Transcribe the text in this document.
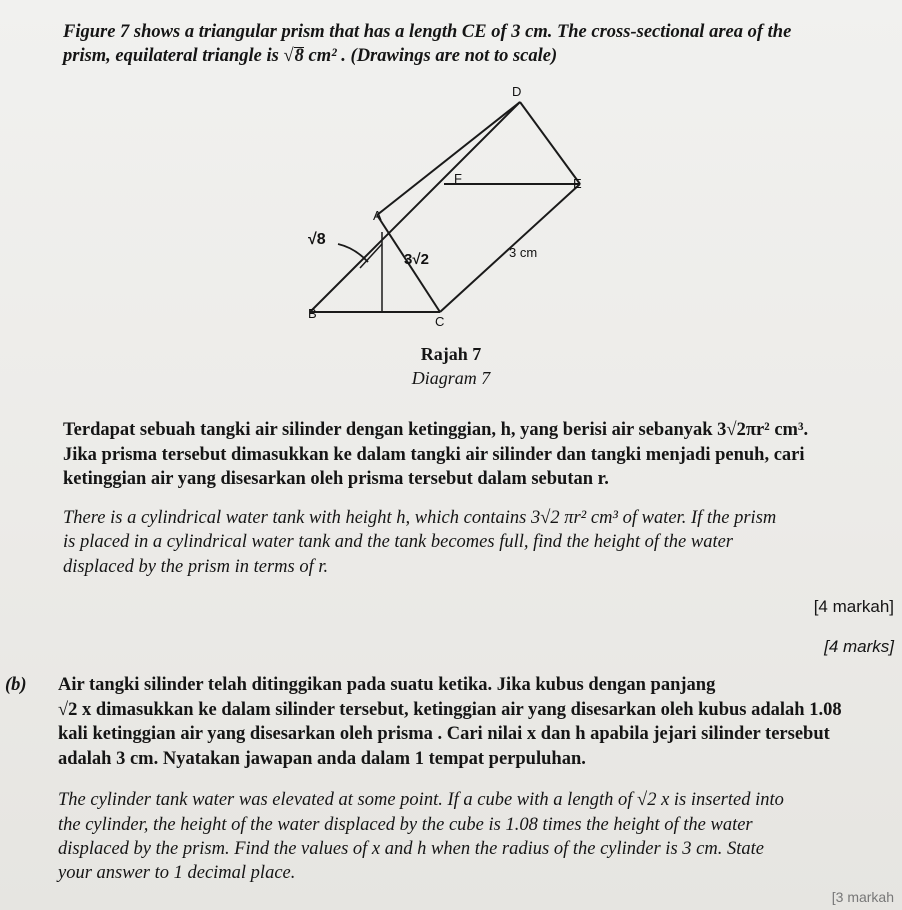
Figure 7 shows a triangular prism that has a length CE of 3 cm. The cross-sectional area of the
prism, equilateral triangle is √8 cm² . (Drawings are not to scale)
D
E
F
A
B
C
√8
3√2	3 cm
Rajah 7
Diagram 7
Terdapat sebuah tangki air silinder dengan ketinggian, h, yang berisi air sebanyak 3√2πr² cm³.
Jika prisma tersebut dimasukkan ke dalam tangki air silinder dan tangki menjadi penuh, cari
ketinggian air yang disesarkan oleh prisma tersebut dalam sebutan r.
There is a cylindrical water tank with height h, which contains 3√2 πr² cm³ of water. If the prism
is placed in a cylindrical water tank and the tank becomes full, find the height of the water
displaced by the prism in terms of r.
[4 markah]
[4 marks]
(b) Air tangki silinder telah ditinggikan pada suatu ketika. Jika kubus dengan panjang
√2 x dimasukkan ke dalam silinder tersebut, ketinggian air yang disesarkan oleh kubus adalah 1.08
kali ketinggian air yang disesarkan oleh prisma . Cari nilai x dan h apabila jejari silinder tersebut
adalah 3 cm. Nyatakan jawapan anda dalam 1 tempat perpuluhan.
The cylinder tank water was elevated at some point. If a cube with a length of √2 x is inserted into
the cylinder, the height of the water displaced by the cube is 1.08 times the height of the water
displaced by the prism. Find the values of x and h when the radius of the cylinder is 3 cm. State
your answer to 1 decimal place.
[3 markah
